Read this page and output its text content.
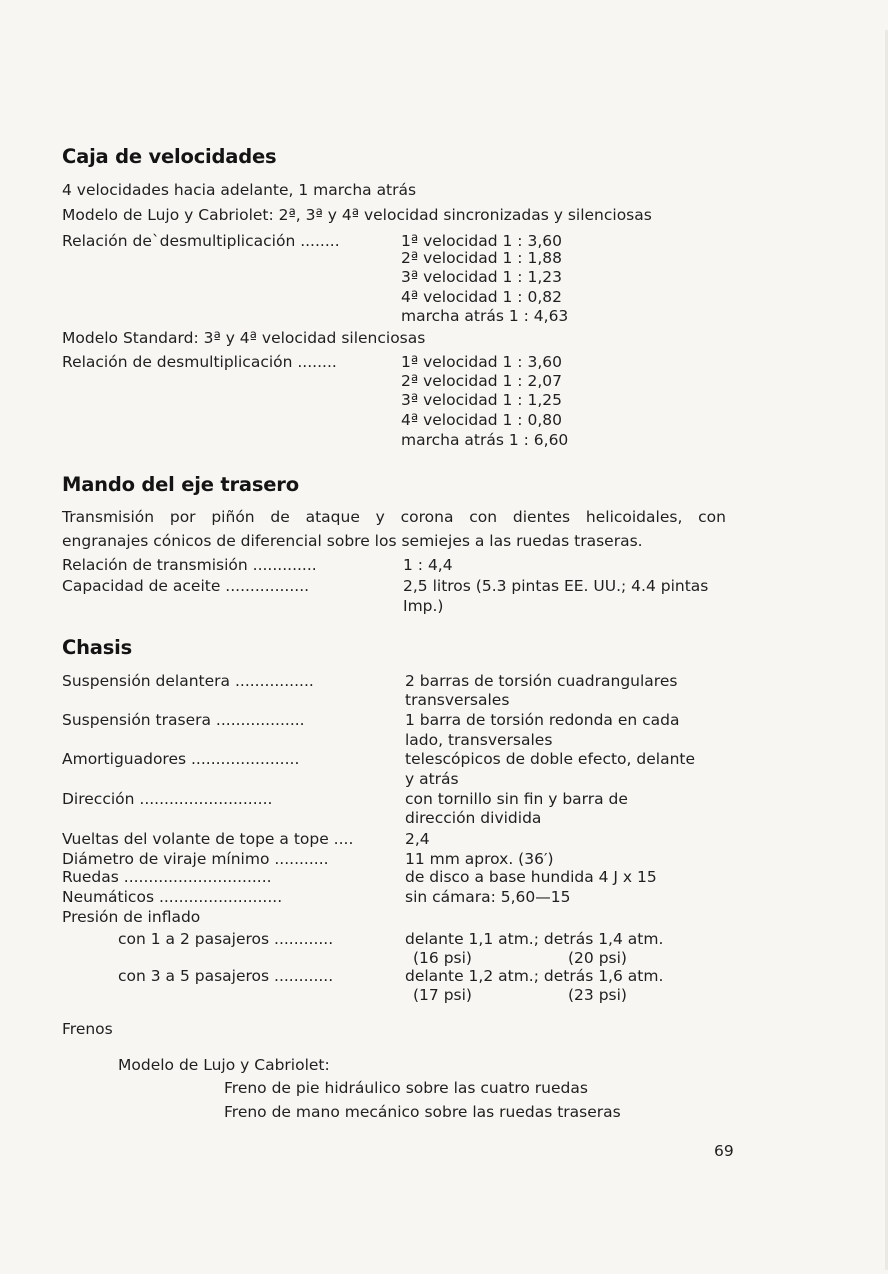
Caja de velocidades
4 velocidades hacia adelante, 1 marcha atrás
Modelo de Lujo y Cabriolet: 2ª, 3ª y 4ª velocidad sincronizadas y silenciosas
Relación de`desmultiplicación ........	1ª velocidad 1 : 3,60
2ª velocidad 1 : 1,88
3ª velocidad 1 : 1,23
4ª velocidad 1 : 0,82
marcha atrás 1 : 4,63
Modelo Standard: 3ª y 4ª velocidad silenciosas
Relación de desmultiplicación ........	1ª velocidad 1 : 3,60
2ª velocidad 1 : 2,07
3ª velocidad 1 : 1,25
4ª velocidad 1 : 0,80
marcha atrás 1 : 6,60
Mando del eje trasero
Transmisión por piñón de ataque y corona con dientes helicoidales, con
engranajes cónicos de diferencial sobre los semiejes a las ruedas traseras.
Relación de transmisión .............	1 : 4,4
Capacidad de aceite .................	2,5 litros (5.3 pintas EE. UU.; 4.4 pintas
Imp.)
Chasis
Suspensión delantera ................	2 barras de torsión cuadrangulares
transversales
Suspensión trasera ..................	1 barra de torsión redonda en cada
lado, transversales
Amortiguadores ......................	telescópicos de doble efecto, delante
y atrás
Dirección ...........................	con tornillo sin fin y barra de
dirección dividida
Vueltas del volante de tope a tope ....	2,4
Diámetro de viraje mínimo ...........	11 mm aprox. (36′)
Ruedas ..............................	de disco a base hundida 4 J x 15
Neumáticos .........................	sin cámara: 5,60—15
Presión de inflado
con 1 a 2 pasajeros ............	delante 1,1 atm.; detrás 1,4 atm.
(16 psi)	(20 psi)
con 3 a 5 pasajeros ............	delante 1,2 atm.; detrás 1,6 atm.
(17 psi)	(23 psi)
Frenos
Modelo de Lujo y Cabriolet:
Freno de pie hidráulico sobre las cuatro ruedas
Freno de mano mecánico sobre las ruedas traseras
69
